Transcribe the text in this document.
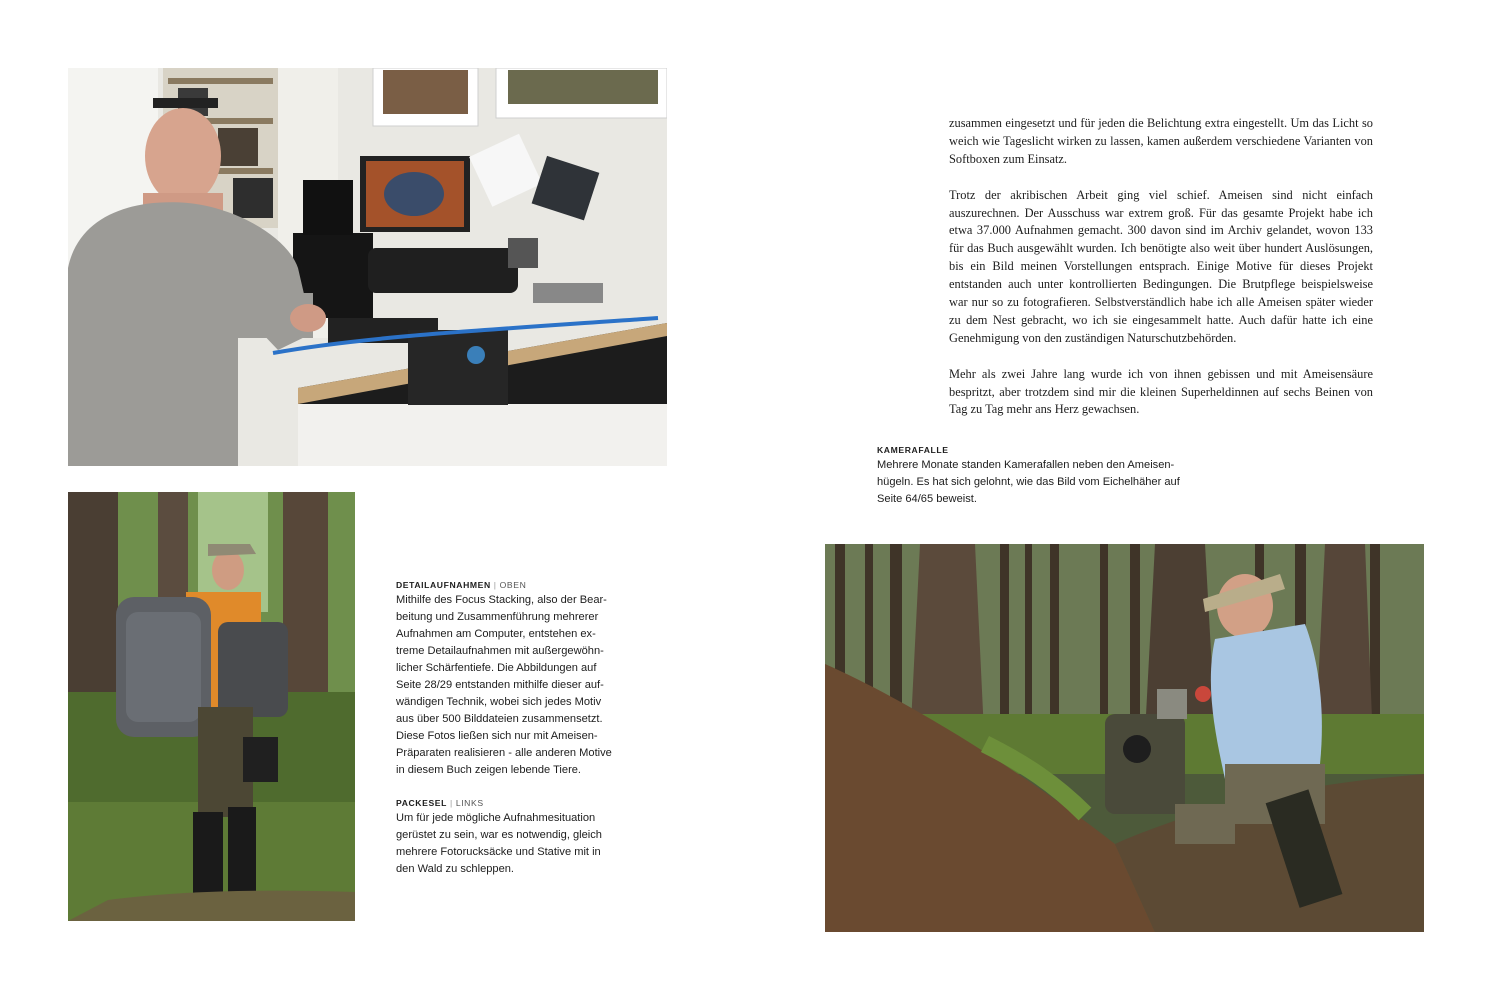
zusammen eingesetzt und für jeden die Belichtung extra eingestellt. Um das Licht so weich wie Tageslicht wirken zu lassen, kamen außerdem verschiedene Varianten von Softboxen zum Einsatz.

Trotz der akribischen Arbeit ging viel schief. Ameisen sind nicht einfach auszurechnen. Der Ausschuss war extrem groß. Für das gesamte Projekt habe ich etwa 37.000 Aufnahmen gemacht. 300 davon sind im Archiv gelandet, wovon 133 für das Buch ausgewählt wurden. Ich benötigte also weit über hundert Auslösungen, bis ein Bild meinen Vorstellungen entsprach. Einige Motive für dieses Projekt entstanden auch unter kontrollierten Bedingungen. Die Brutpflege beispielsweise war nur so zu fotografieren. Selbstverständlich habe ich alle Ameisen später wieder zu dem Nest gebracht, wo ich sie eingesammelt hatte. Auch dafür hatte ich eine Genehmigung von den zuständigen Naturschutzbehörden.

Mehr als zwei Jahre lang wurde ich von ihnen gebissen und mit Ameisensäure bespritzt, aber trotzdem sind mir die kleinen Superheldinnen auf sechs Beinen von Tag zu Tag mehr ans Herz gewachsen.

KAMERAFALLE
Mehrere Monate standen Kamerafallen neben den Ameisen-
hügeln. Es hat sich gelohnt, wie das Bild vom Eichelhäher auf
Seite 64/65 beweist.
DETAILAUFNAHMEN | OBEN
Mithilfe des Focus Stacking, also der Bear-
beitung und Zusammenführung mehrerer
Aufnahmen am Computer, entstehen ex-
treme Detailaufnahmen mit außergewöhn-
licher Schärfentiefe. Die Abbildungen auf
Seite 28/29 entstanden mithilfe dieser auf-
wändigen Technik, wobei sich jedes Motiv
aus über 500 Bilddateien zusammensetzt.
Diese Fotos ließen sich nur mit Ameisen-
Präparaten realisieren - alle anderen Motive
in diesem Buch zeigen lebende Tiere.
PACKESEL | LINKS
Um für jede mögliche Aufnahmesituation
gerüstet zu sein, war es notwendig, gleich
mehrere Fotorucksäcke und Stative mit in
den Wald zu schleppen.
